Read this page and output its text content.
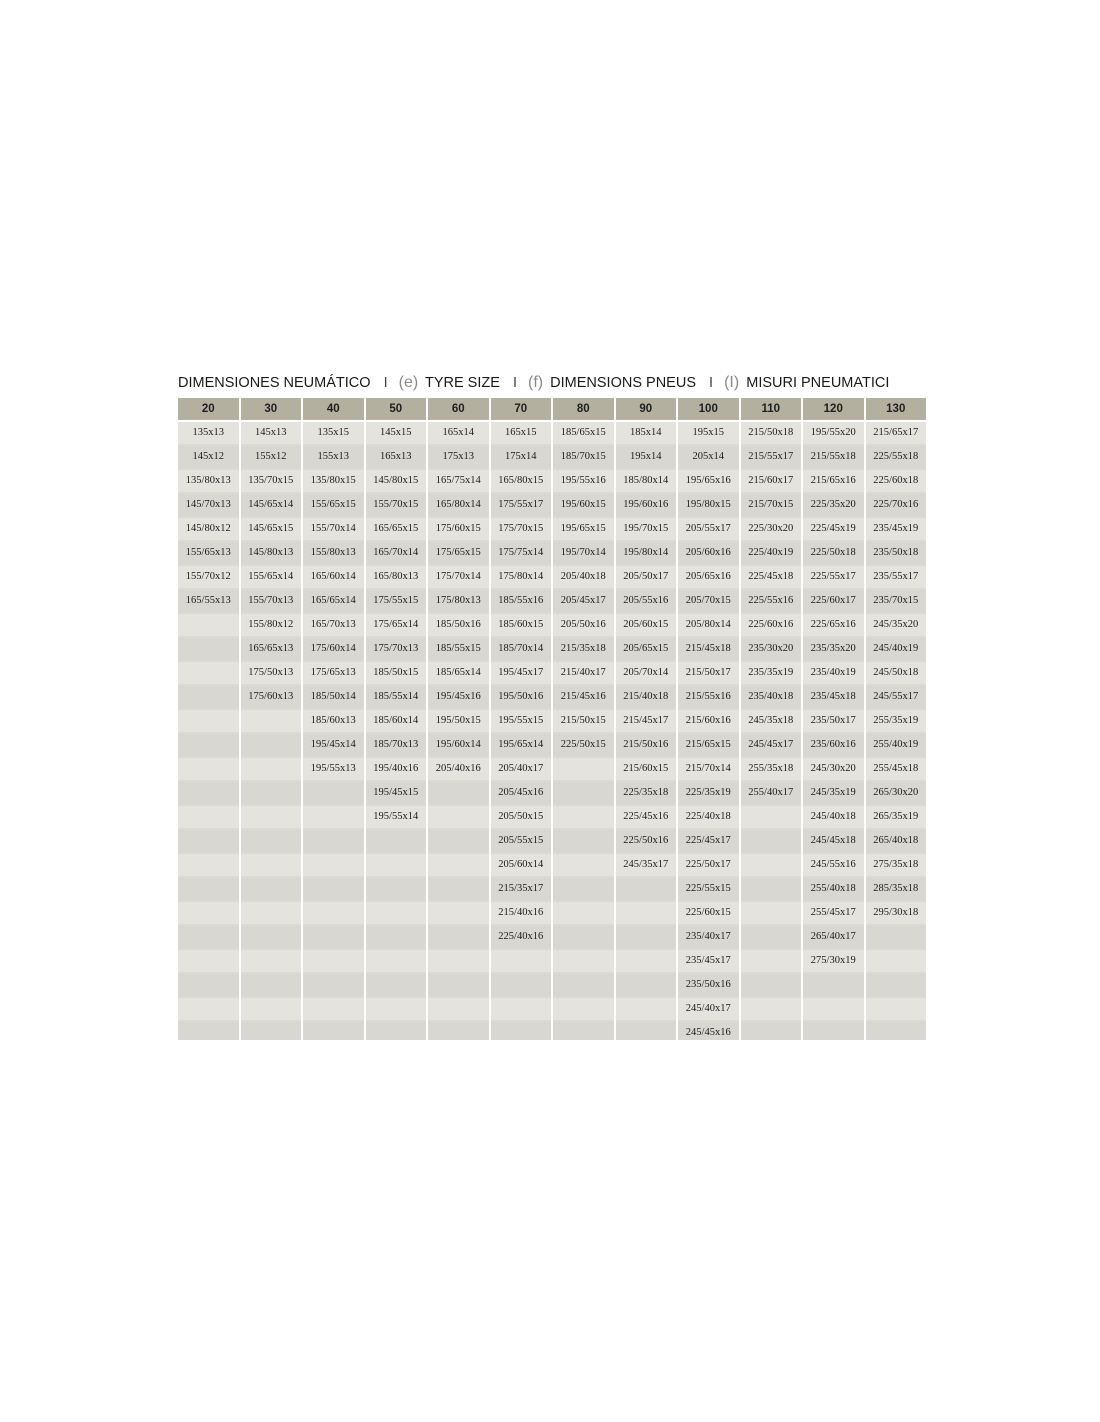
DIMENSIONES NEUMÁTICO I (e) TYRE SIZE I (f) DIMENSIONS PNEUS I (I) MISURI PNEUMATICI
20
135x13
145x12
135/80x13
145/70x13
145/80x12
155/65x13
155/70x12
165/55x13
30
145x13
155x12
135/70x15
145/65x14
145/65x15
145/80x13
155/65x14
155/70x13
155/80x12
165/65x13
175/50x13
175/60x13
40
135x15
155x13
135/80x15
155/65x15
155/70x14
155/80x13
165/60x14
165/65x14
165/70x13
175/60x14
175/65x13
185/50x14
185/60x13
195/45x14
195/55x13
50
145x15
165x13
145/80x15
155/70x15
165/65x15
165/70x14
165/80x13
175/55x15
175/65x14
175/70x13
185/50x15
185/55x14
185/60x14
185/70x13
195/40x16
195/45x15
195/55x14
60
165x14
175x13
165/75x14
165/80x14
175/60x15
175/65x15
175/70x14
175/80x13
185/50x16
185/55x15
185/65x14
195/45x16
195/50x15
195/60x14
205/40x16
70
165x15
175x14
165/80x15
175/55x17
175/70x15
175/75x14
175/80x14
185/55x16
185/60x15
185/70x14
195/45x17
195/50x16
195/55x15
195/65x14
205/40x17
205/45x16
205/50x15
205/55x15
205/60x14
215/35x17
215/40x16
225/40x16
80
185/65x15
185/70x15
195/55x16
195/60x15
195/65x15
195/70x14
205/40x18
205/45x17
205/50x16
215/35x18
215/40x17
215/45x16
215/50x15
225/50x15
90
185x14
195x14
185/80x14
195/60x16
195/70x15
195/80x14
205/50x17
205/55x16
205/60x15
205/65x15
205/70x14
215/40x18
215/45x17
215/50x16
215/60x15
225/35x18
225/45x16
225/50x16
245/35x17
100
195x15
205x14
195/65x16
195/80x15
205/55x17
205/60x16
205/65x16
205/70x15
205/80x14
215/45x18
215/50x17
215/55x16
215/60x16
215/65x15
215/70x14
225/35x19
225/40x18
225/45x17
225/50x17
225/55x15
225/60x15
235/40x17
235/45x17
235/50x16
245/40x17
245/45x16
110
215/50x18
215/55x17
215/60x17
215/70x15
225/30x20
225/40x19
225/45x18
225/55x16
225/60x16
235/30x20
235/35x19
235/40x18
245/35x18
245/45x17
255/35x18
255/40x17
120
195/55x20
215/55x18
215/65x16
225/35x20
225/45x19
225/50x18
225/55x17
225/60x17
225/65x16
235/35x20
235/40x19
235/45x18
235/50x17
235/60x16
245/30x20
245/35x19
245/40x18
245/45x18
245/55x16
255/40x18
255/45x17
265/40x17
275/30x19
130
215/65x17
225/55x18
225/60x18
225/70x16
235/45x19
235/50x18
235/55x17
235/70x15
245/35x20
245/40x19
245/50x18
245/55x17
255/35x19
255/40x19
255/45x18
265/30x20
265/35x19
265/40x18
275/35x18
285/35x18
295/30x18
